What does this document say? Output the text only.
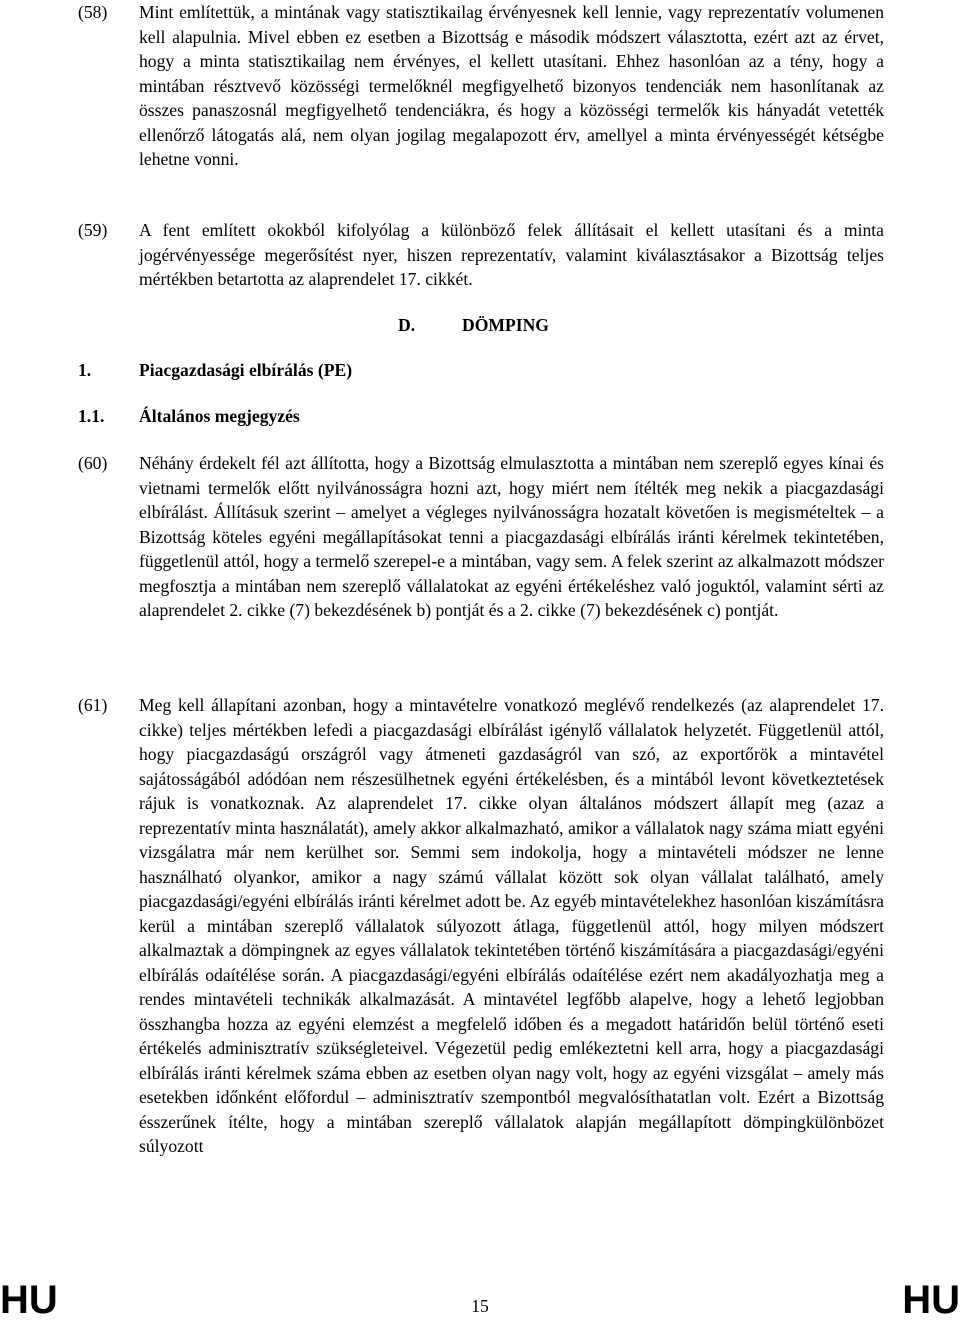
(58)	Mint említettük, a mintának vagy statisztikailag érvényesnek kell lennie, vagy reprezentatív volumenen kell alapulnia. Mivel ebben ez esetben a Bizottság e második módszert választotta, ezért azt az érvet, hogy a minta statisztikailag nem érvényes, el kellett utasítani. Ehhez hasonlóan az a tény, hogy a mintában résztvevő közösségi termelőknél megfigyelhető bizonyos tendenciák nem hasonlítanak az összes panaszosnál megfigyelhető tendenciákra, és hogy a közösségi termelők kis hányadát vetették ellenőrző látogatás alá, nem olyan jogilag megalapozott érv, amellyel a minta érvényességét kétségbe lehetne vonni.
(59)	A fent említett okokból kifolyólag a különböző felek állításait el kellett utasítani és a minta jogérvényessége megerősítést nyer, hiszen reprezentatív, valamint kiválasztásakor a Bizottság teljes mértékben betartotta az alaprendelet 17. cikkét.
D.	DÖMPING
1.	Piacgazdasági elbírálás (PE)
1.1. Általános megjegyzés
(60)	Néhány érdekelt fél azt állította, hogy a Bizottság elmulasztotta a mintában nem szereplő egyes kínai és vietnami termelők előtt nyilvánosságra hozni azt, hogy miért nem ítélték meg nekik a piacgazdasági elbírálást. Állításuk szerint – amelyet a végleges nyilvánosságra hozatalt követően is megismételtek – a Bizottság köteles egyéni megállapításokat tenni a piacgazdasági elbírálás iránti kérelmek tekintetében, függetlenül attól, hogy a termelő szerepel-e a mintában, vagy sem. A felek szerint az alkalmazott módszer megfosztja a mintában nem szereplő vállalatokat az egyéni értékeléshez való joguktól, valamint sérti az alaprendelet 2. cikke (7) bekezdésének b) pontját és a 2. cikke (7) bekezdésének c) pontját.
(61)	Meg kell állapítani azonban, hogy a mintavételre vonatkozó meglévő rendelkezés (az alaprendelet 17. cikke) teljes mértékben lefedi a piacgazdasági elbírálást igénylő vállalatok helyzetét. Függetlenül attól, hogy piacgazdaságú országról vagy átmeneti gazdaságról van szó, az exportőrök a mintavétel sajátosságából adódóan nem részesülhetnek egyéni értékelésben, és a mintából levont következtetések rájuk is vonatkoznak. Az alaprendelet 17. cikke olyan általános módszert állapít meg (azaz a reprezentatív minta használatát), amely akkor alkalmazható, amikor a vállalatok nagy száma miatt egyéni vizsgálatra már nem kerülhet sor. Semmi sem indokolja, hogy a mintavételi módszer ne lenne használható olyankor, amikor a nagy számú vállalat között sok olyan vállalat található, amely piacgazdasági/egyéni elbírálás iránti kérelmet adott be. Az egyéb mintavételekhez hasonlóan kiszámításra kerül a mintában szereplő vállalatok súlyozott átlaga, függetlenül attól, hogy milyen módszert alkalmaztak a dömpingnek az egyes vállalatok tekintetében történő kiszámítására a piacgazdasági/egyéni elbírálás odaítélése során. A piacgazdasági/egyéni elbírálás odaítélése ezért nem akadályozhatja meg a rendes mintavételi technikák alkalmazását. A mintavétel legfőbb alapelve, hogy a lehető legjobban összhangba hozza az egyéni elemzést a megfelelő időben és a megadott határidőn belül történő eseti értékelés adminisztratív szükségleteivel. Végezetül pedig emlékeztetni kell arra, hogy a piacgazdasági elbírálás iránti kérelmek száma ebben az esetben olyan nagy volt, hogy az egyéni vizsgálat – amely más esetekben időnként előfordul – adminisztratív szempontból megvalósíthatatlan volt. Ezért a Bizottság ésszerűnek ítélte, hogy a mintában szereplő vállalatok alapján megállapított dömpingkülönbözet súlyozott
HU	15	HU
